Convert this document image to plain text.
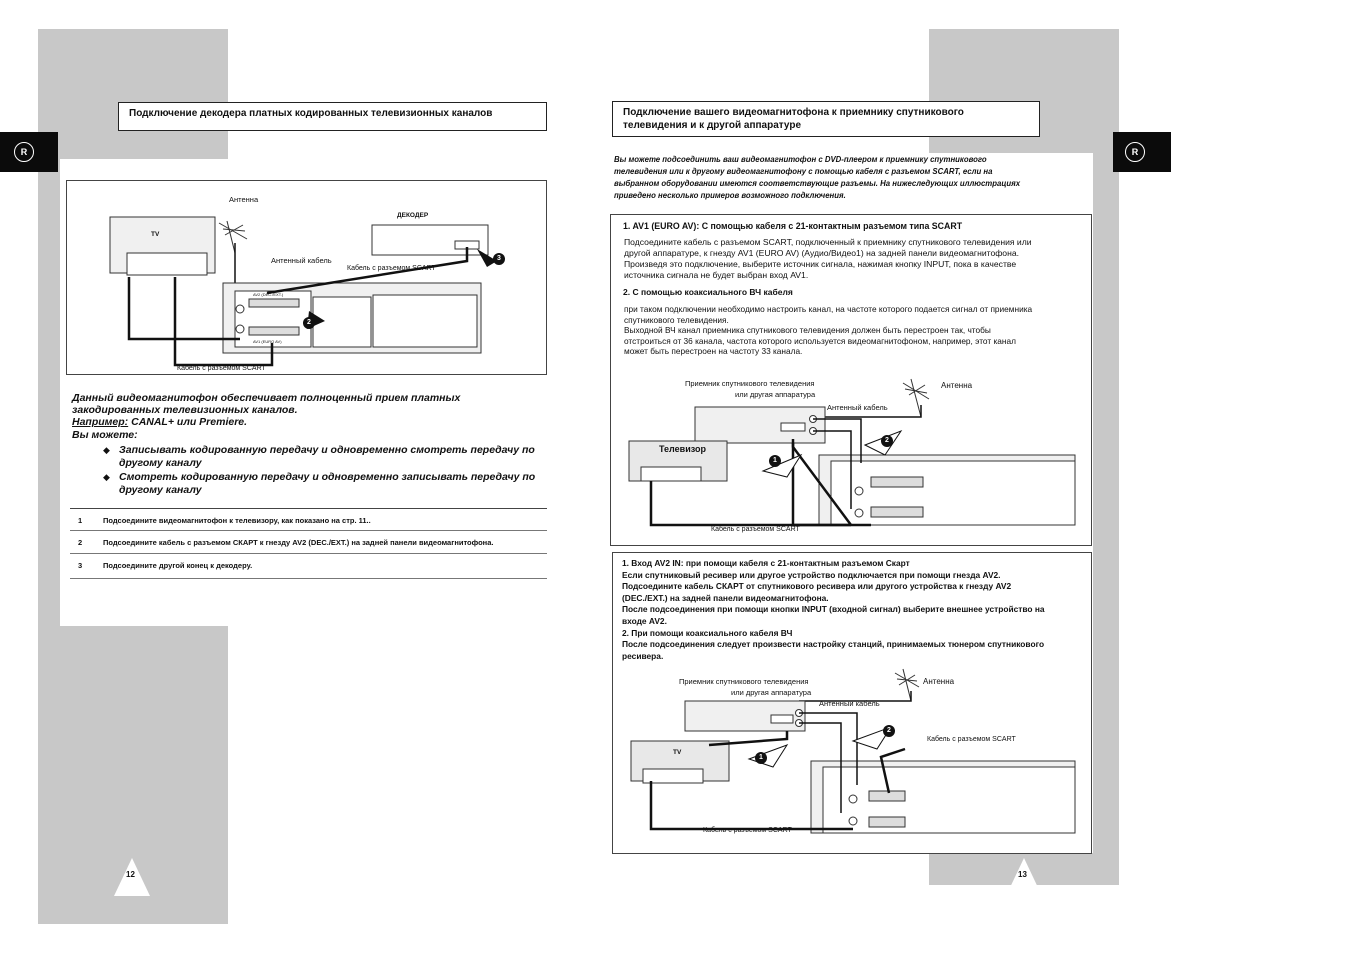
R
Подключение декодера платных кодированных телевизионных каналов
Антенна
ДЕКОДЕР
TV
Антенный кабель
Кабель с разъемом SCART
Кабель с разъемом SCART
AV2 (DEC./EXT.)
AV1 (EURO AV)
2
3
Данный видеомагнитофон обеспечивает полноценный прием платных
закодированных телевизионных каналов.
Например: CANAL+ или Premiere.
Вы можете:
◆ Записывать кодированную передачу и одновременно смотреть передачу по другому каналу
◆ Смотреть кодированную передачу и одновременно записывать передачу по другому каналу
1	Подсоедините видеомагнитофон к телевизору, как показано на стр. 11..
2	Подсоедините кабель с разъемом СКАРТ к гнезду AV2 (DEC./EXT.) на задней панели видеомагнитофона.
3	Подсоедините другой конец к декодеру.
12
R
Подключение вашего видеомагнитофона к приемнику спутникового
телевидения и к другой аппаратуре
Вы можете подсоединить ваш видеомагнитофон с DVD-плеером к приемнику спутникового
телевидения или к другому видеомагнитофону с помощью кабеля с разъемом SCART, если на
выбранном оборудовании имеются соответствующие разъемы. На нижеследующих иллюстрациях
приведено несколько примеров возможного подключения.
1. AV1 (EURO AV): С помощью кабеля с 21-контактным разъемом типа SCART
Подсоедините кабель с разъемом SCART, подключенный к приемнику спутникового телевидения или
другой аппаратуре, к гнезду AV1 (EURO AV) (Аудио/Видео1) на задней панели видеомагнитофона.
Произведя это подключение, выберите источник сигнала, нажимая кнопку INPUT, пока в качестве
источника сигнала не будет выбран вход AV1.
2. С помощью коаксиального ВЧ кабеля
при таком подключении необходимо настроить канал, на частоте которого подается сигнал от приемника
спутникового телевидения.
Выходной ВЧ канал приемника спутникового телевидения должен быть перестроен так, чтобы
отстроиться от 36 канала, частота которого используется видеомагнитофоном, например, этот канал
может быть перестроен на частоту 33 канала.
Приемник спутникового телевидения
или другая аппаратура
Антенна
Антенный кабель
Телевизор
Кабель с разъемом SCART
1
2
1. Вход AV2 IN: при помощи кабеля с 21-контактным разъемом Скарт
Если спутниковый ресивер или другое устройство подключается при помощи гнезда AV2.
Подсоедините кабель СКАРТ от спутникового ресивера или другого устройства к гнезду AV2
(DEC./EXT.) на задней панели видеомагнитофона.
После подсоединения при помощи кнопки INPUT (входной сигнал) выберите внешнее устройство на
входе AV2.
2. При помощи коаксиального кабеля ВЧ
После подсоединения следует произвести настройку станций, принимаемых тюнером спутникового
ресивера.
Приемник спутникового телевидения
или другая аппаратура
Антенна
Антенный кабель
TV
Кабель с разъемом SCART
Кабель с разъемом SCART
1
2
13
